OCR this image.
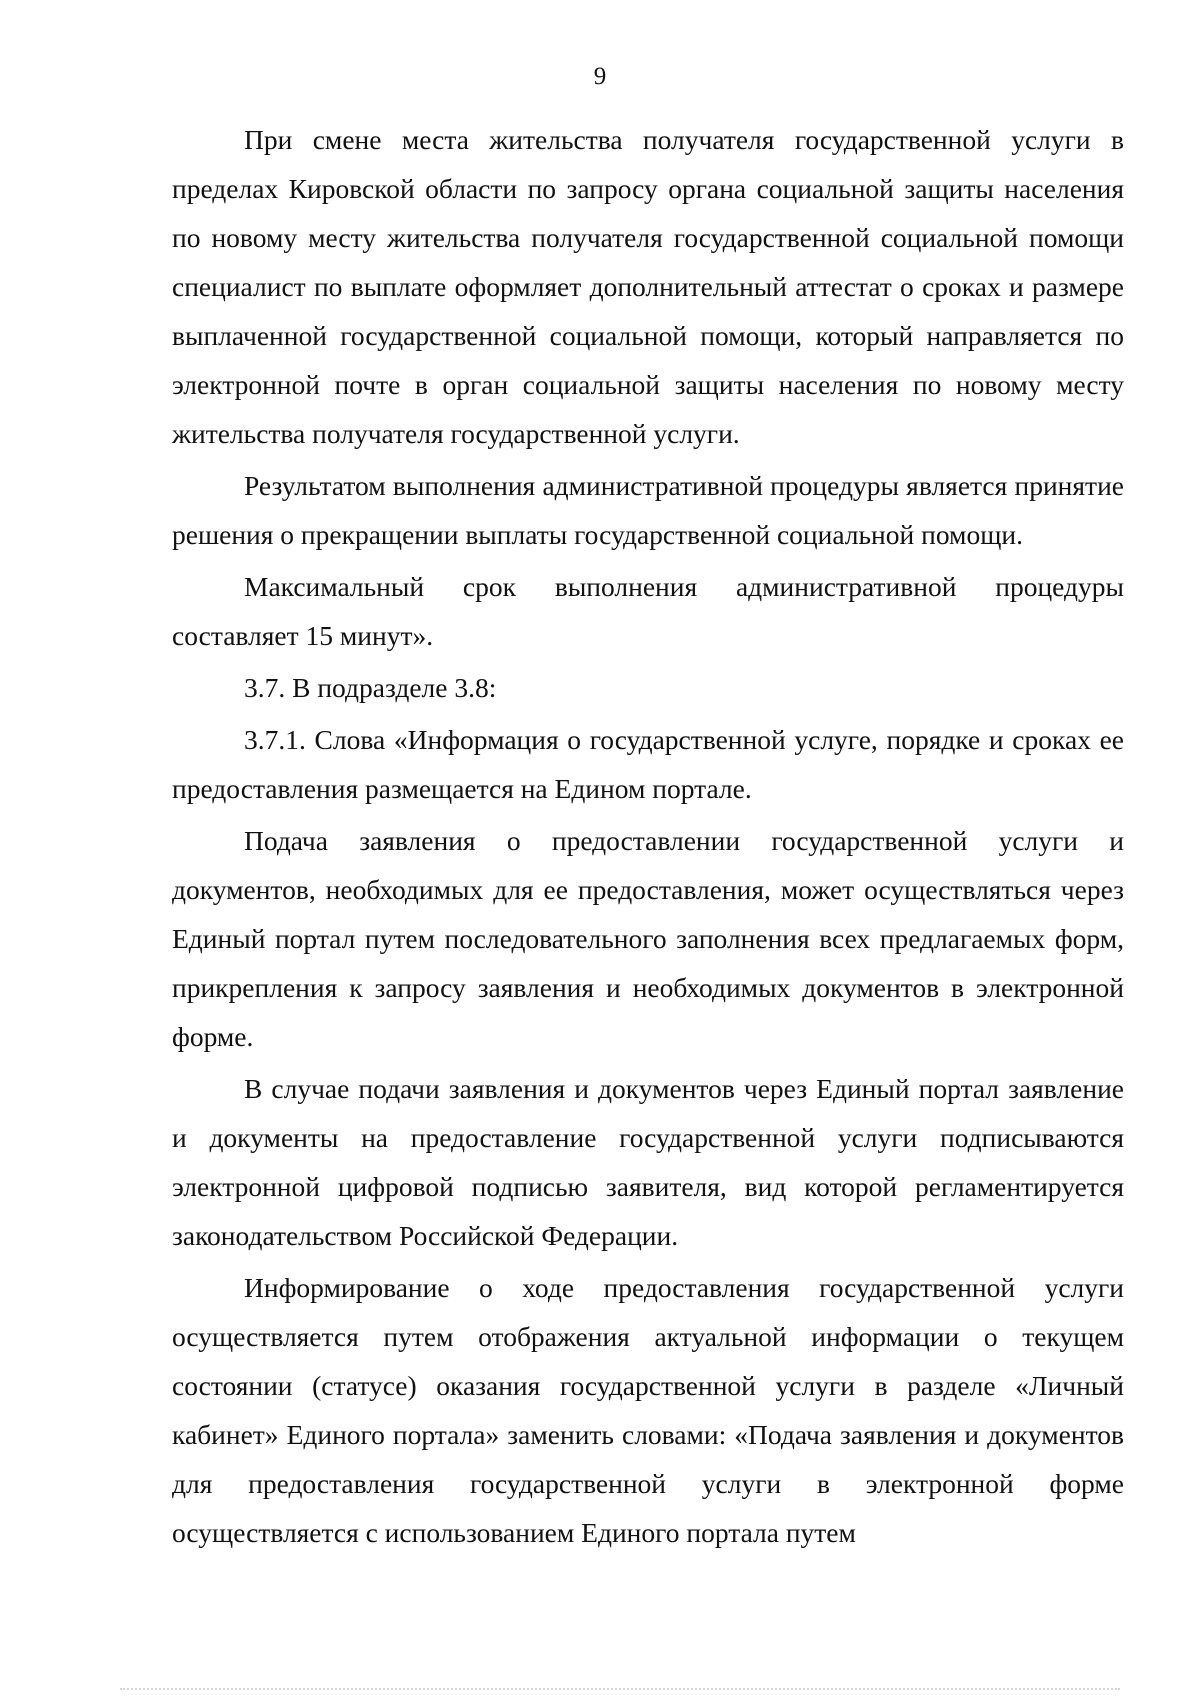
9

При смене места жительства получателя государственной услуги в пределах Кировской области по запросу органа социальной защиты населения по новому месту жительства получателя государственной социальной помощи специалист по выплате оформляет дополнительный аттестат о сроках и размере выплаченной государственной социальной помощи, который направляется по электронной почте в орган социальной защиты населения по новому месту жительства получателя государственной услуги.

Результатом выполнения административной процедуры является принятие решения о прекращении выплаты государственной социальной помощи.

Максимальный срок выполнения административной процедуры составляет 15 минут».

3.7. В подразделе 3.8:

3.7.1. Слова «Информация о государственной услуге, порядке и сроках ее предоставления размещается на Едином портале.

Подача заявления о предоставлении государственной услуги и документов, необходимых для ее предоставления, может осуществляться через Единый портал путем последовательного заполнения всех предлагаемых форм, прикрепления к запросу заявления и необходимых документов в электронной форме.

В случае подачи заявления и документов через Единый портал заявление и документы на предоставление государственной услуги подписываются электронной цифровой подписью заявителя, вид которой регламентируется законодательством Российской Федерации.

Информирование о ходе предоставления государственной услуги осуществляется путем отображения актуальной информации о текущем состоянии (статусе) оказания государственной услуги в разделе «Личный кабинет» Единого портала» заменить словами: «Подача заявления и документов для предоставления государственной услуги в электронной форме осуществляется с использованием Единого портала путем
